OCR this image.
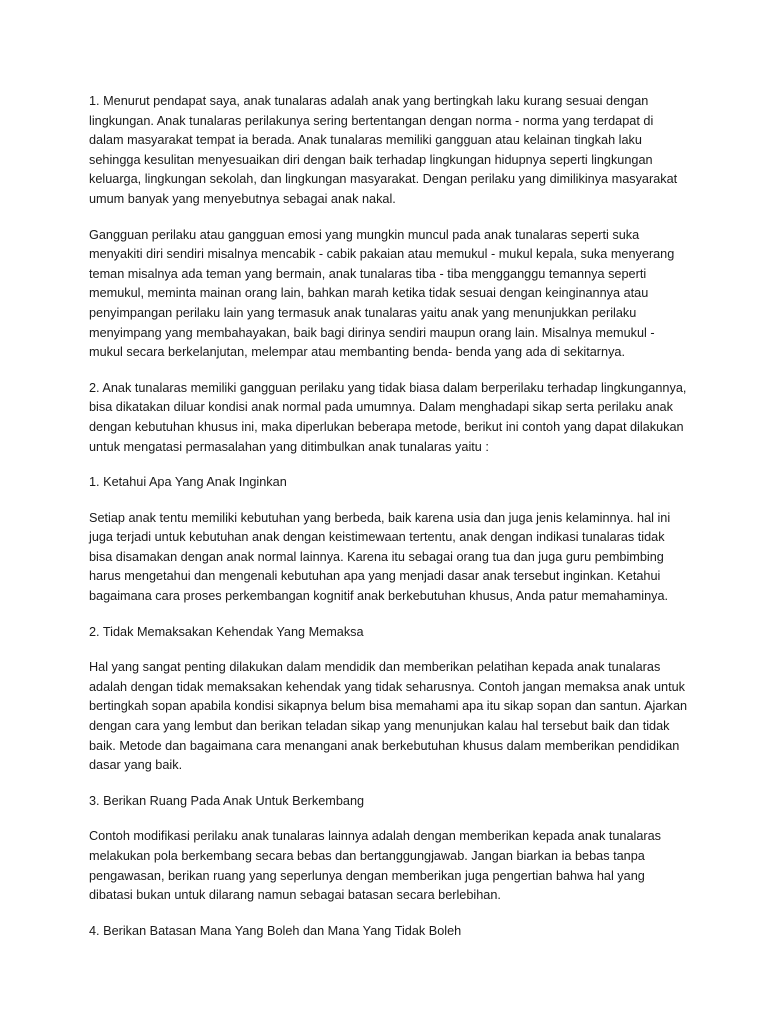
1. Menurut pendapat saya, anak tunalaras adalah anak yang bertingkah laku kurang sesuai dengan lingkungan. Anak tunalaras perilakunya sering bertentangan dengan norma - norma yang terdapat di dalam masyarakat tempat ia berada. Anak tunalaras memiliki gangguan atau kelainan tingkah laku sehingga kesulitan menyesuaikan diri dengan baik terhadap lingkungan hidupnya seperti lingkungan keluarga, lingkungan sekolah, dan lingkungan masyarakat. Dengan perilaku yang dimilikinya masyarakat umum banyak yang menyebutnya sebagai anak nakal.

Gangguan perilaku atau gangguan emosi yang mungkin muncul pada anak tunalaras seperti suka menyakiti diri sendiri misalnya mencabik - cabik pakaian atau memukul - mukul kepala, suka menyerang teman misalnya ada teman yang bermain, anak tunalaras tiba - tiba mengganggu temannya seperti memukul, meminta mainan orang lain, bahkan marah ketika tidak sesuai dengan keinginannya atau penyimpangan perilaku lain yang termasuk anak tunalaras yaitu anak yang menunjukkan perilaku menyimpang yang membahayakan, baik bagi dirinya sendiri maupun orang lain. Misalnya memukul - mukul secara berkelanjutan, melempar atau membanting benda- benda yang ada di sekitarnya.

2. Anak tunalaras memiliki gangguan perilaku yang tidak biasa dalam berperilaku terhadap lingkungannya, bisa dikatakan diluar kondisi anak normal pada umumnya. Dalam menghadapi sikap serta perilaku anak dengan kebutuhan khusus ini, maka diperlukan beberapa metode, berikut ini contoh yang dapat dilakukan untuk mengatasi permasalahan yang ditimbulkan anak tunalaras yaitu :

1. Ketahui Apa Yang Anak Inginkan

Setiap anak tentu memiliki kebutuhan yang berbeda, baik karena usia dan juga jenis kelaminnya. hal ini juga terjadi untuk kebutuhan anak dengan keistimewaan tertentu, anak dengan indikasi tunalaras tidak bisa disamakan dengan anak normal lainnya. Karena itu sebagai orang tua dan juga guru pembimbing harus mengetahui dan mengenali kebutuhan apa yang menjadi dasar anak tersebut inginkan. Ketahui bagaimana cara proses perkembangan kognitif anak berkebutuhan khusus, Anda patur memahaminya.

2. Tidak Memaksakan Kehendak Yang Memaksa

Hal yang sangat penting dilakukan dalam mendidik dan memberikan pelatihan kepada anak tunalaras adalah dengan tidak memaksakan kehendak yang tidak seharusnya. Contoh jangan memaksa anak untuk bertingkah sopan apabila kondisi sikapnya belum bisa memahami apa itu sikap sopan dan santun. Ajarkan dengan cara yang lembut dan berikan teladan sikap yang menunjukan kalau hal tersebut baik dan tidak baik. Metode dan bagaimana cara menangani anak berkebutuhan khusus dalam memberikan pendidikan dasar yang baik.

3. Berikan Ruang Pada Anak Untuk Berkembang

Contoh modifikasi perilaku anak tunalaras lainnya adalah dengan memberikan kepada anak tunalaras melakukan pola berkembang secara bebas dan bertanggungjawab. Jangan biarkan ia bebas tanpa pengawasan, berikan ruang yang seperlunya dengan memberikan juga pengertian bahwa hal yang dibatasi bukan untuk dilarang namun sebagai batasan secara berlebihan.

4. Berikan Batasan Mana Yang Boleh dan Mana Yang Tidak Boleh
